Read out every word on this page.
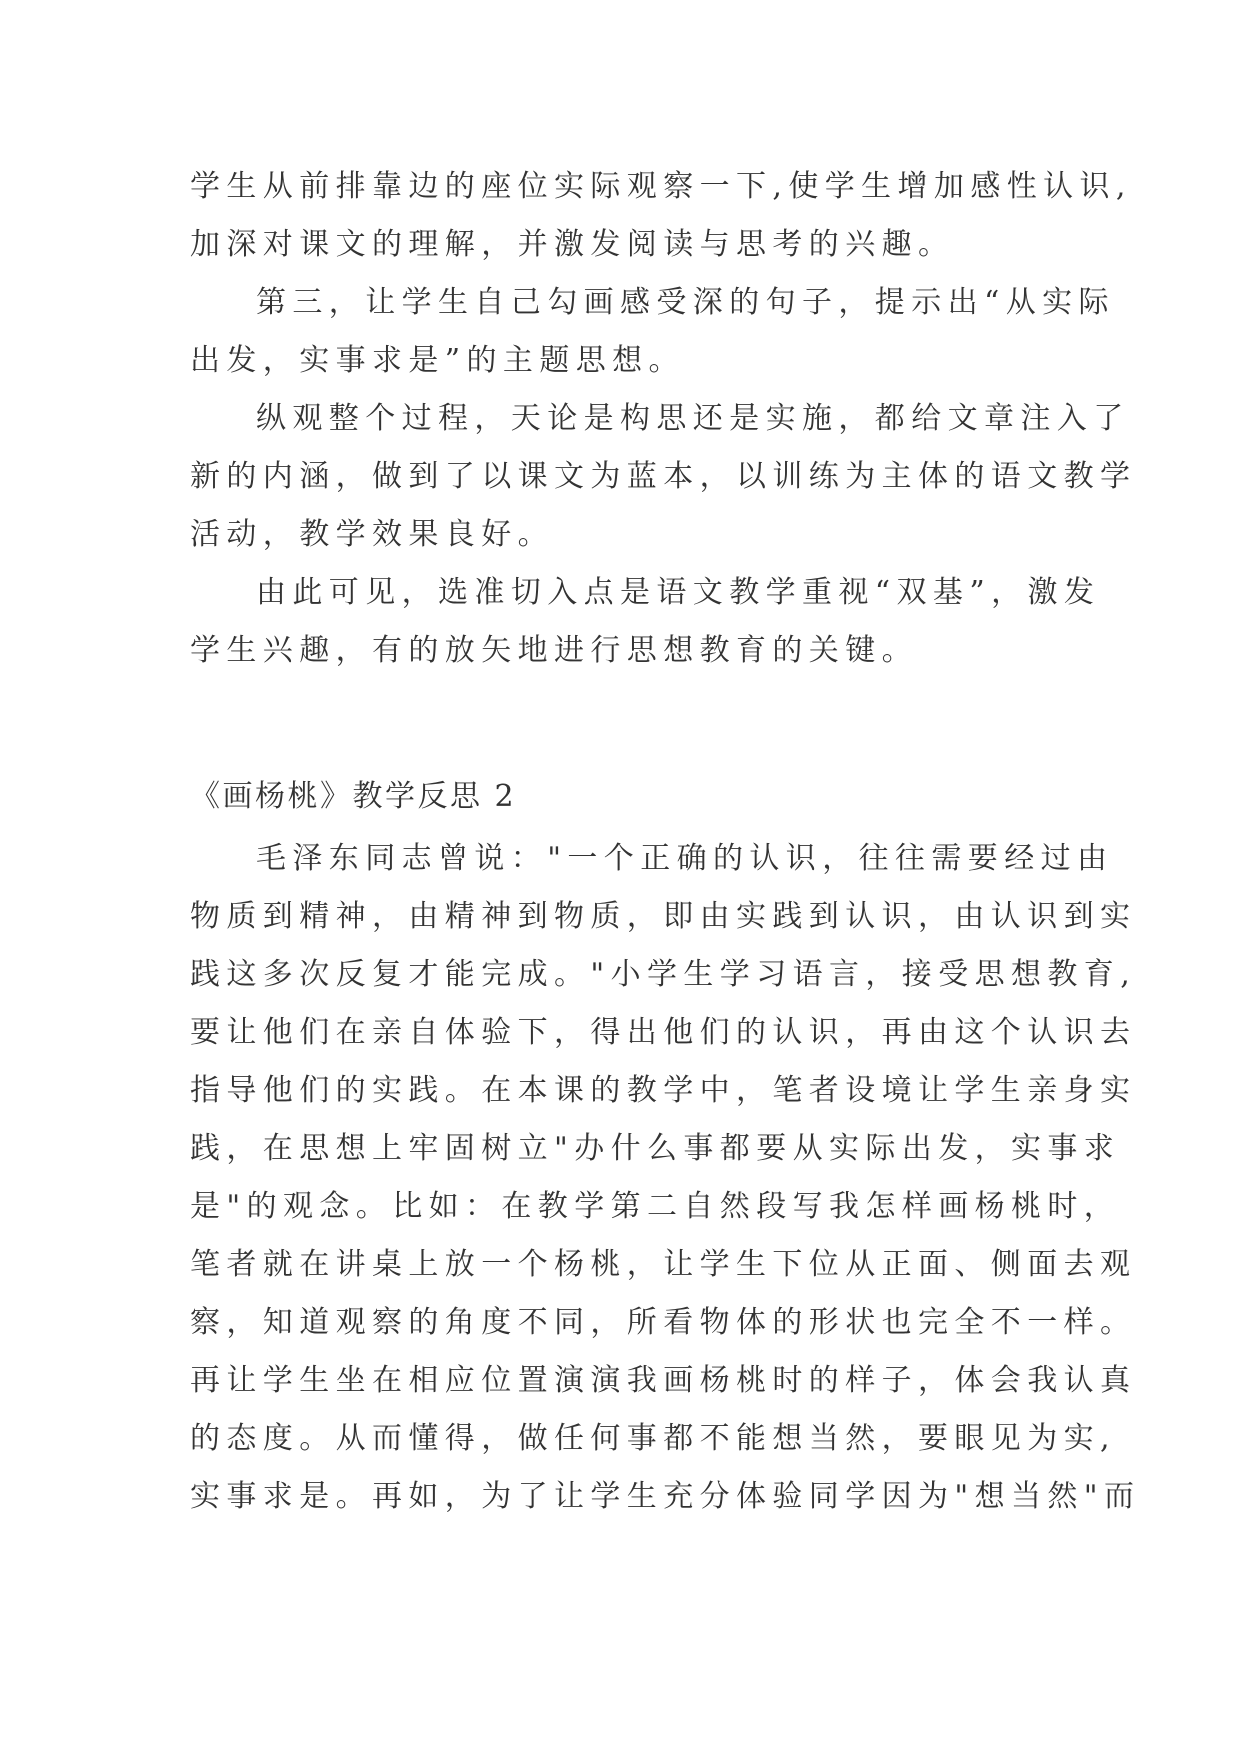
学生从前排靠边的座位实际观察一下,使学生增加感性认识,
加深对课文的理解，并激发阅读与思考的兴趣。
第三，让学生自己勾画感受深的句子，提示出“从实际
出发，实事求是”的主题思想。
纵观整个过程，天论是构思还是实施，都给文章注入了
新的内涵，做到了以课文为蓝本，以训练为主体的语文教学
活动，教学效果良好。
由此可见，选准切入点是语文教学重视“双基”，激发
学生兴趣，有的放矢地进行思想教育的关键。
《画杨桃》教学反思 2
毛泽东同志曾说："一个正确的认识，往往需要经过由
物质到精神，由精神到物质，即由实践到认识，由认识到实
践这多次反复才能完成。"小学生学习语言，接受思想教育,
要让他们在亲自体验下，得出他们的认识，再由这个认识去
指导他们的实践。在本课的教学中，笔者设境让学生亲身实
践，在思想上牢固树立"办什么事都要从实际出发，实事求
是"的观念。比如：在教学第二自然段写我怎样画杨桃时，
笔者就在讲桌上放一个杨桃，让学生下位从正面、侧面去观
察，知道观察的角度不同，所看物体的形状也完全不一样。
再让学生坐在相应位置演演我画杨桃时的样子，体会我认真
的态度。从而懂得，做任何事都不能想当然，要眼见为实,
实事求是。再如，为了让学生充分体验同学因为"想当然"而
